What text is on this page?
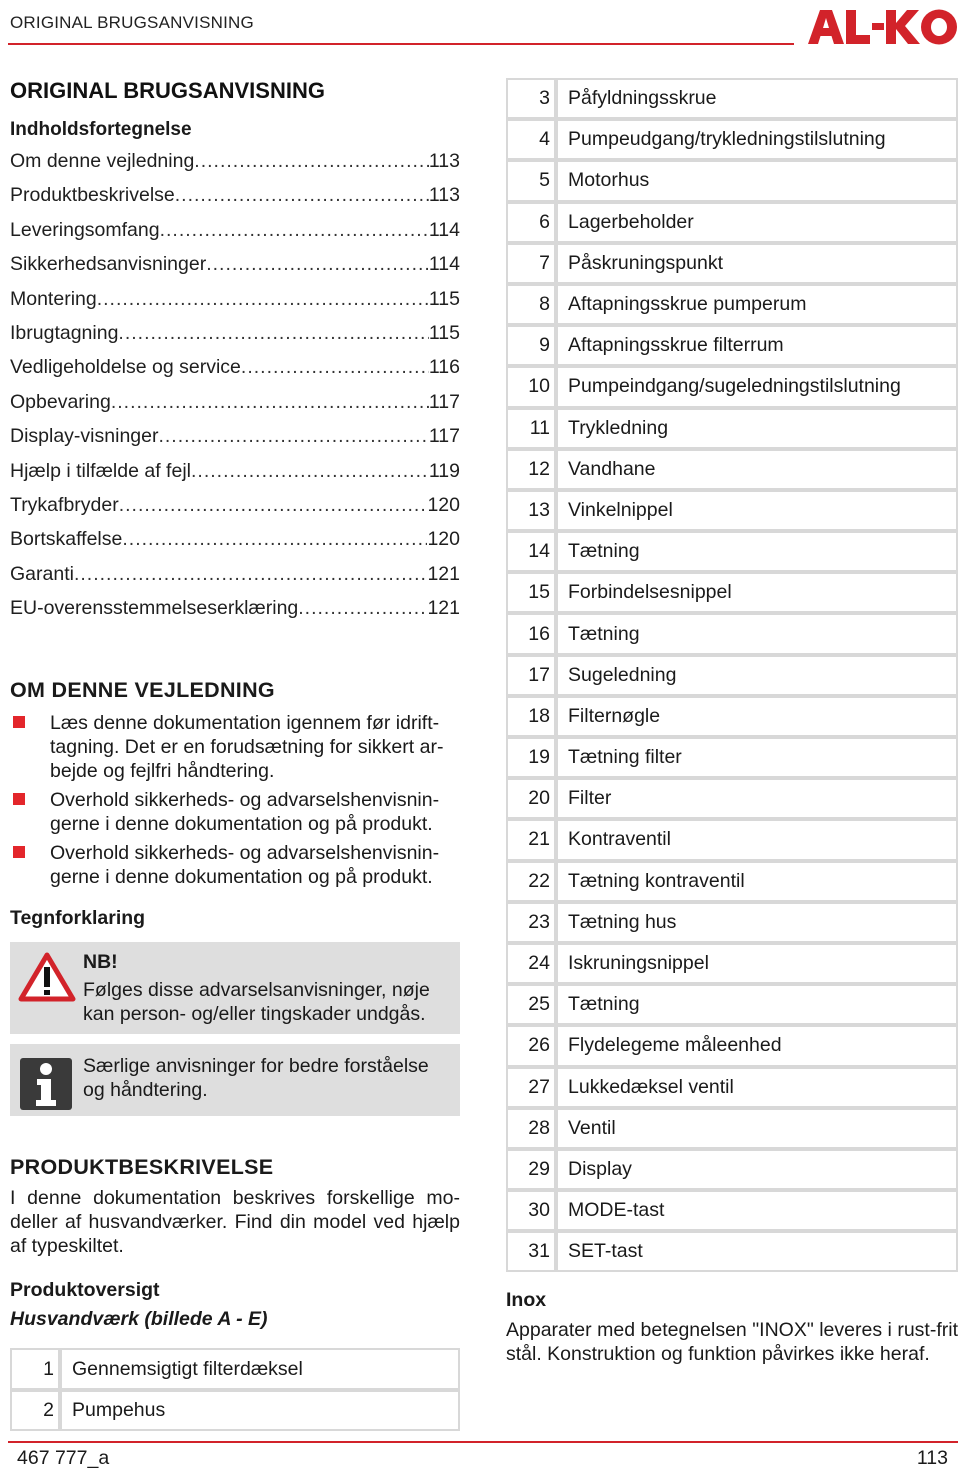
ORIGINAL BRUGSANVISNING
ORIGINAL BRUGSANVISNING
Indholdsfortegnelse
Om denne vejledning .....	113
Produktbeskrivelse .....	113
Leveringsomfang .....	114
Sikkerhedsanvisninger .....	114
Montering .....	115
Ibrugtagning .....	115
Vedligeholdelse og service .....	116
Opbevaring .....	117
Display-visninger .....	117
Hjælp i tilfælde af fejl .....	119
Trykafbryder .....	120
Bortskaffelse .....	120
Garanti .....	121
EU-overensstemmelseserklæring .....	121
OM DENNE VEJLEDNING
Læs denne dokumentation igennem før idrift-tagning. Det er en forudsætning for sikkert ar-bejde og fejlfri håndtering.
Overhold sikkerheds- og advarselshenvisnin-gerne i denne dokumentation og på produkt.
Overhold sikkerheds- og advarselshenvisnin-gerne i denne dokumentation og på produkt.
Tegnforklaring
NB!
Følges disse advarselsanvisninger, nøje kan person- og/eller tingskader undgås.
Særlige anvisninger for bedre forståelse og håndtering.
PRODUKTBESKRIVELSE
I denne dokumentation beskrives forskellige mo-deller af husvandværker. Find din model ved hjælp af typeskiltet.
Produktoversigt
Husvandværk (billede A - E)
1	Gennemsigtigt filterdæksel
2	Pumpehus
3	Påfyldningsskrue
4	Pumpeudgang/trykledningstilslutning
5	Motorhus
6	Lagerbeholder
7	Påskruningspunkt
8	Aftapningsskrue pumperum
9	Aftapningsskrue filterrum
10	Pumpeindgang/sugeledningstilslutning
11	Trykledning
12	Vandhane
13	Vinkelnippel
14	Tætning
15	Forbindelsesnippel
16	Tætning
17	Sugeledning
18	Filternøgle
19	Tætning filter
20	Filter
21	Kontraventil
22	Tætning kontraventil
23	Tætning hus
24	Iskruningsnippel
25	Tætning
26	Flydelegeme måleenhed
27	Lukkedæksel ventil
28	Ventil
29	Display
30	MODE-tast
31	SET-tast
Inox
Apparater med betegnelsen "INOX" leveres i rust-frit stål. Konstruktion og funktion påvirkes ikke heraf.
467 777_a	113
